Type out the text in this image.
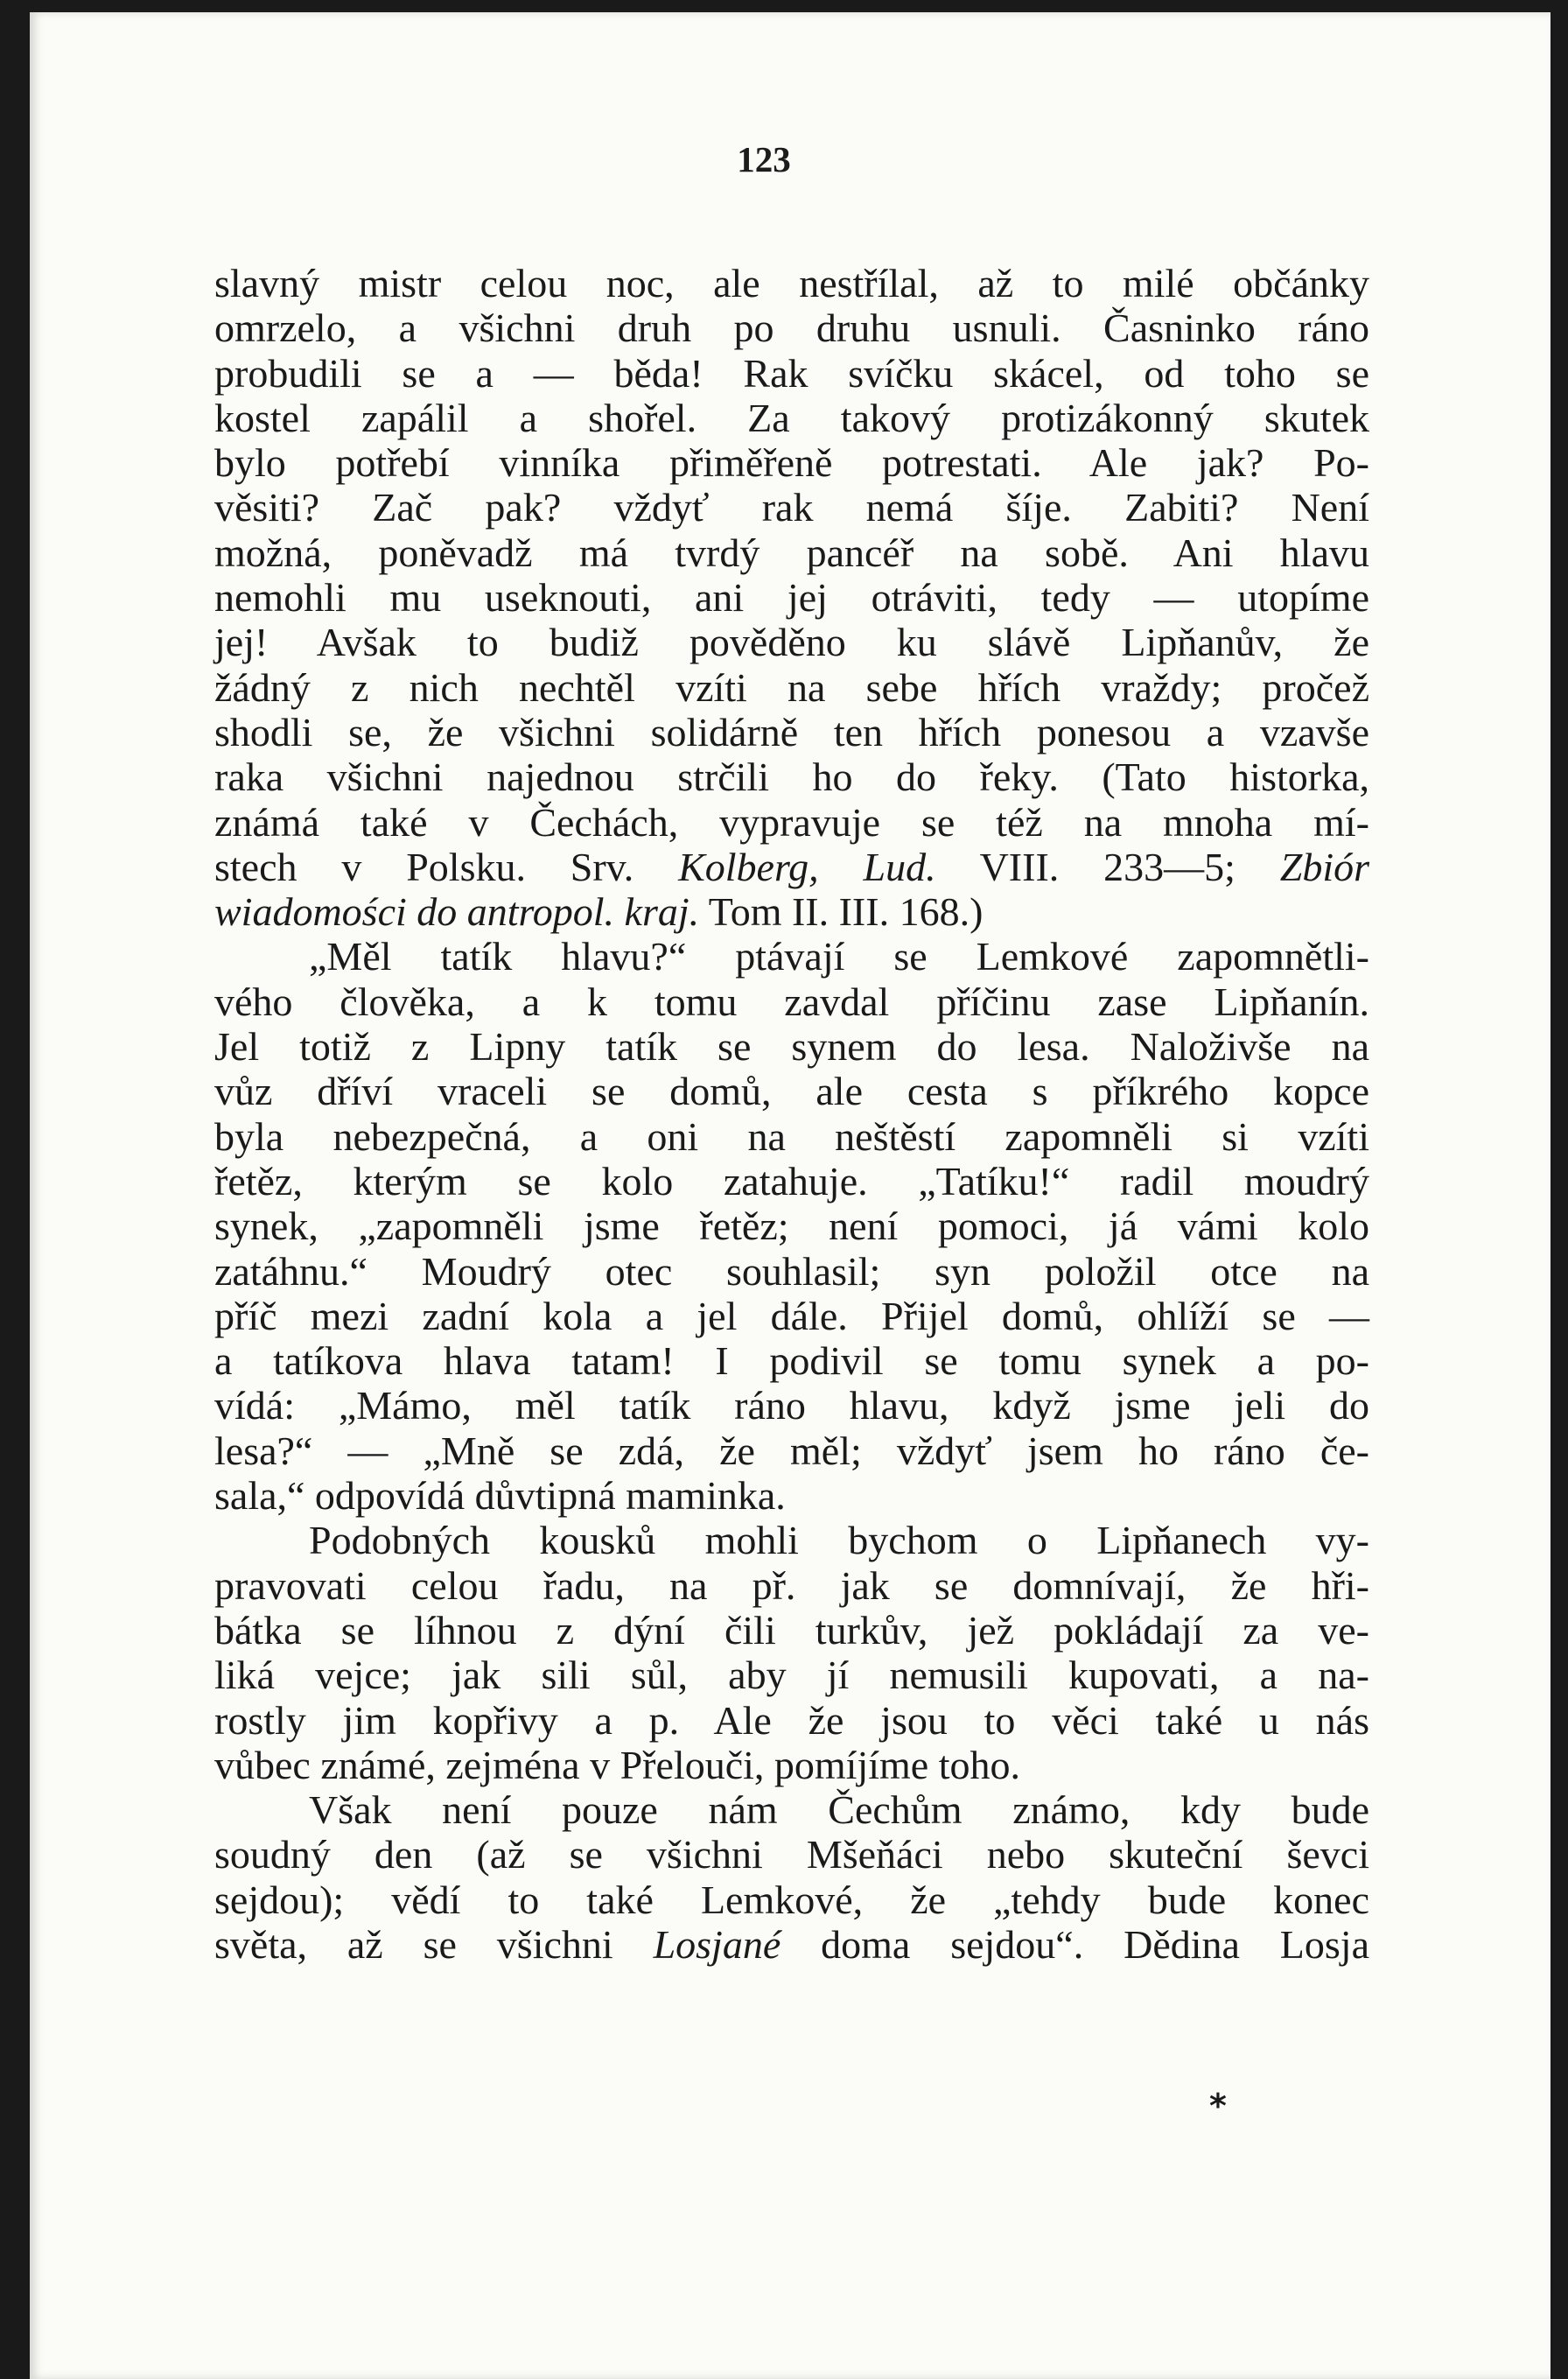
123
slavný mistr celou noc, ale nestřílal, až to milé občánky
omrzelo, a všichni druh po druhu usnuli. Časninko ráno
probudili se a — běda! Rak svíčku skácel, od toho se
kostel zapálil a shořel. Za takový protizákonný skutek
bylo potřebí vinníka přiměřeně potrestati. Ale jak? Po-
věsiti? Zač pak? vždyť rak nemá šíje. Zabiti? Není
možná, poněvadž má tvrdý pancéř na sobě. Ani hlavu
nemohli mu useknouti, ani jej otráviti, tedy — utopíme
jej! Avšak to budiž pověděno ku slávě Lipňanův, že
žádný z nich nechtěl vzíti na sebe hřích vraždy; pročež
shodli se, že všichni solidárně ten hřích ponesou a vzavše
raka všichni najednou strčili ho do řeky. (Tato historka,
známá také v Čechách, vypravuje se též na mnoha mí-
stech v Polsku. Srv. Kolberg, Lud. VIII. 233—5; Zbiór
wiadomości do antropol. kraj. Tom II. III. 168.)
„Měl tatík hlavu?“ ptávají se Lemkové zapomnětli-
vého člověka, a k tomu zavdal příčinu zase Lipňanín.
Jel totiž z Lipny tatík se synem do lesa. Naloživše na
vůz dříví vraceli se domů, ale cesta s příkrého kopce
byla nebezpečná, a oni na neštěstí zapomněli si vzíti
řetěz, kterým se kolo zatahuje. „Tatíku!“ radil moudrý
synek, „zapomněli jsme řetěz; není pomoci, já vámi kolo
zatáhnu.“ Moudrý otec souhlasil; syn položil otce na
příč mezi zadní kola a jel dále. Přijel domů, ohlíží se —
a tatíkova hlava tatam! I podivil se tomu synek a po-
vídá: „Mámo, měl tatík ráno hlavu, když jsme jeli do
lesa?“ — „Mně se zdá, že měl; vždyť jsem ho ráno če-
sala,“ odpovídá důvtipná maminka.
Podobných kousků mohli bychom o Lipňanech vy-
pravovati celou řadu, na př. jak se domnívají, že hři-
bátka se líhnou z dýní čili turkův, jež pokládají za ve-
liká vejce; jak sili sůl, aby jí nemusili kupovati, a na-
rostly jim kopřivy a p. Ale že jsou to věci také u nás
vůbec známé, zejména v Přelouči, pomíjíme toho.
Však není pouze nám Čechům známo, kdy bude
soudný den (až se všichni Mšeňáci nebo skuteční ševci
sejdou); vědí to také Lemkové, že „tehdy bude konec
světa, až se všichni Losjané doma sejdou“. Dědina Losja
*
